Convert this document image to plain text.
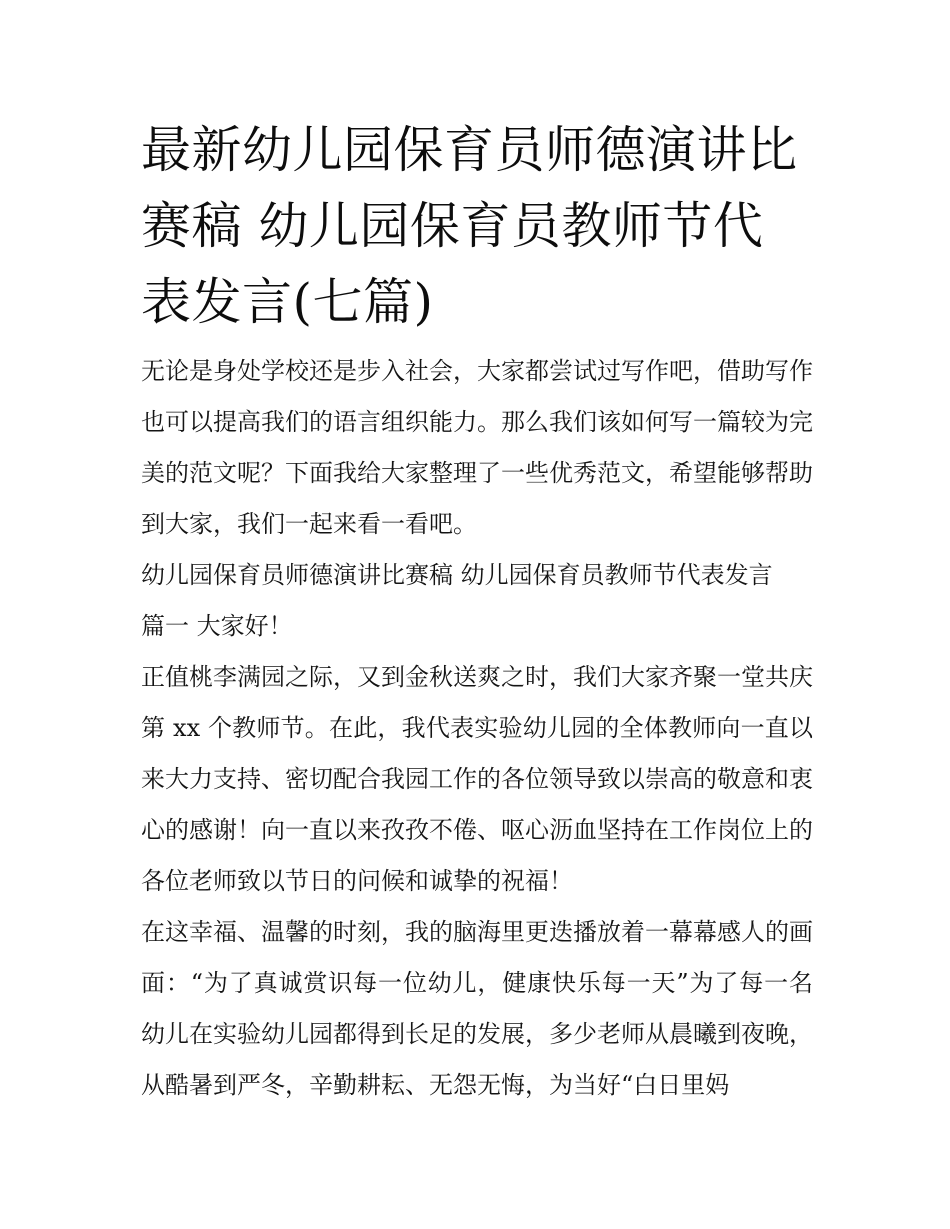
最新幼儿园保育员师德演讲比赛稿 幼儿园保育员教师节代表发言(七篇)

无论是身处学校还是步入社会，大家都尝试过写作吧，借助写作也可以提高我们的语言组织能力。那么我们该如何写一篇较为完美的范文呢？下面我给大家整理了一些优秀范文，希望能够帮助到大家，我们一起来看一看吧。

幼儿园保育员师德演讲比赛稿 幼儿园保育员教师节代表发言

篇一 大家好！

正值桃李满园之际，又到金秋送爽之时，我们大家齐聚一堂共庆第 xx 个教师节。在此，我代表实验幼儿园的全体教师向一直以来大力支持、密切配合我园工作的各位领导致以崇高的敬意和衷心的感谢！向一直以来孜孜不倦、呕心沥血坚持在工作岗位上的各位老师致以节日的问候和诚挚的祝福！

在这幸福、温馨的时刻，我的脑海里更迭播放着一幕幕感人的画面：“为了真诚赏识每一位幼儿，健康快乐每一天”为了每一名幼儿在实验幼儿园都得到长足的发展，多少老师从晨曦到夜晚，从酷暑到严冬，辛勤耕耘、无怨无悔，为当好“白日里妈
